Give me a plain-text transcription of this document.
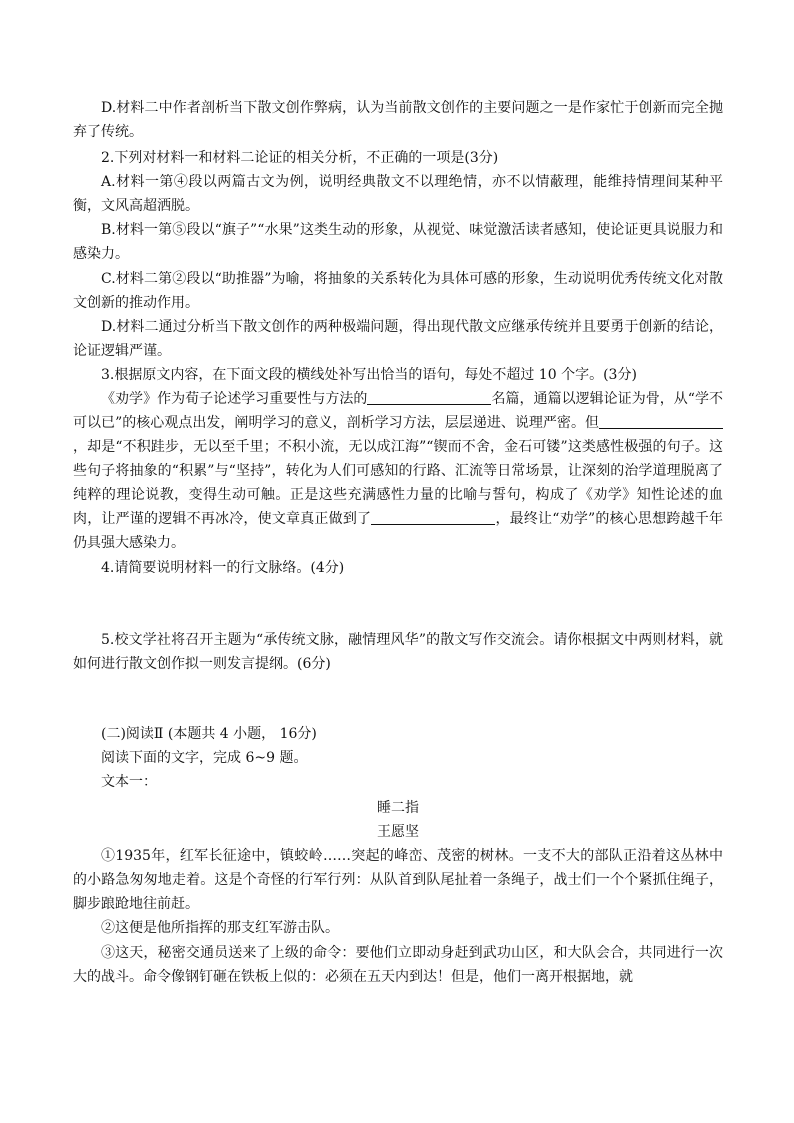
D.材料二中作者剖析当下散文创作弊病，认为当前散文创作的主要问题之一是作家忙于创新而完全抛弃了传统。
2.下列对材料一和材料二论证的相关分析，不正确的一项是(3分)
A.材料一第④段以两篇古文为例，说明经典散文不以理绝情，亦不以情蔽理，能维持情理间某种平衡，文风高超洒脱。
B.材料一第⑤段以“旗子”“水果”这类生动的形象，从视觉、味觉激活读者感知，使论证更具说服力和感染力。
C.材料二第②段以“助推器”为喻，将抽象的关系转化为具体可感的形象，生动说明优秀传统文化对散文创新的推动作用。
D.材料二通过分析当下散文创作的两种极端问题，得出现代散文应继承传统并且要勇于创新的结论，论证逻辑严谨。
3.根据原文内容，在下面文段的横线处补写出恰当的语句，每处不超过 10 个字。(3分)
《劝学》作为荀子论述学习重要性与方法的	名篇，通篇以逻辑论证为骨，从“学不可以已”的核心观点出发，阐明学习的意义，剖析学习方法，层层递进、说理严密。但，却是“不积跬步，无以至千里；不积小流，无以成江海”“锲而不舍，金石可镂”这类感性极强的句子。这些句子将抽象的“积累”与“坚持”，转化为人们可感知的行路、汇流等日常场景，让深刻的治学道理脱离了纯粹的理论说教，变得生动可触。正是这些充满感性力量的比喻与誓句，构成了《劝学》知性论述的血肉，让严谨的逻辑不再冰冷，使文章真正做到了	，最终让“劝学”的核心思想跨越千年仍具强大感染力。
4.请简要说明材料一的行文脉络。(4分)
5.校文学社将召开主题为“承传统文脉，融情理风华”的散文写作交流会。请你根据文中两则材料，就如何进行散文创作拟一则发言提纲。(6分)
(二)阅读Ⅱ (本题共 4 小题， 16分)
阅读下面的文字，完成 6~9 题。
文本一：
睡二指
王愿坚
①1935年，红军长征途中，镇蛟岭……突起的峰峦、茂密的树林。一支不大的部队正沿着这丛林中的小路急匆匆地走着。这是个奇怪的行军行列：从队首到队尾扯着一条绳子，战士们一个个紧抓住绳子，脚步踉跄地往前赶。
②这便是他所指挥的那支红军游击队。
③这天，秘密交通员送来了上级的命令：要他们立即动身赶到武功山区，和大队会合，共同进行一次大的战斗。命令像钢钉砸在铁板上似的：必须在五天内到达！但是，他们一离开根据地，就
